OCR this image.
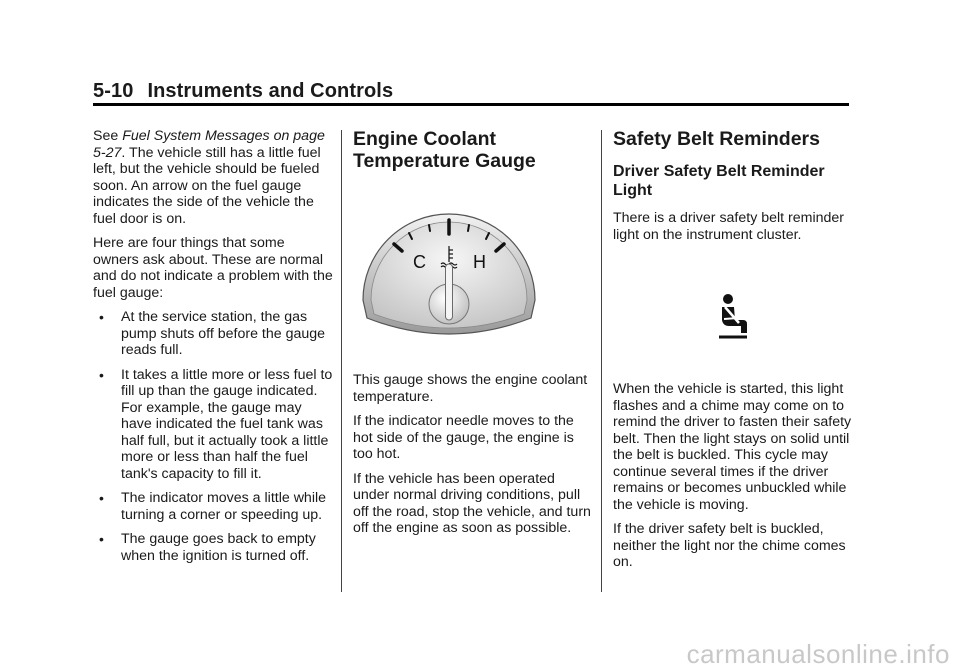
5-10 Instruments and Controls

See Fuel System Messages on page 5-27. The vehicle still has a little fuel left, but the vehicle should be fueled soon. An arrow on the fuel gauge indicates the side of the vehicle the fuel door is on.

Here are four things that some owners ask about. These are normal and do not indicate a problem with the fuel gauge:

• At the service station, the gas pump shuts off before the gauge reads full.
• It takes a little more or less fuel to fill up than the gauge indicated. For example, the gauge may have indicated the fuel tank was half full, but it actually took a little more or less than half the fuel tank's capacity to fill it.
• The indicator moves a little while turning a corner or speeding up.
• The gauge goes back to empty when the ignition is turned off.
Engine Coolant Temperature Gauge
C	H

This gauge shows the engine coolant temperature.

If the indicator needle moves to the hot side of the gauge, the engine is too hot.

If the vehicle has been operated under normal driving conditions, pull off the road, stop the vehicle, and turn off the engine as soon as possible.

Safety Belt Reminders
Driver Safety Belt Reminder Light

There is a driver safety belt reminder light on the instrument cluster.

When the vehicle is started, this light flashes and a chime may come on to remind the driver to fasten their safety belt. Then the light stays on solid until the belt is buckled. This cycle may continue several times if the driver remains or becomes unbuckled while the vehicle is moving.

If the driver safety belt is buckled, neither the light nor the chime comes on.

carmanualsonline.info
